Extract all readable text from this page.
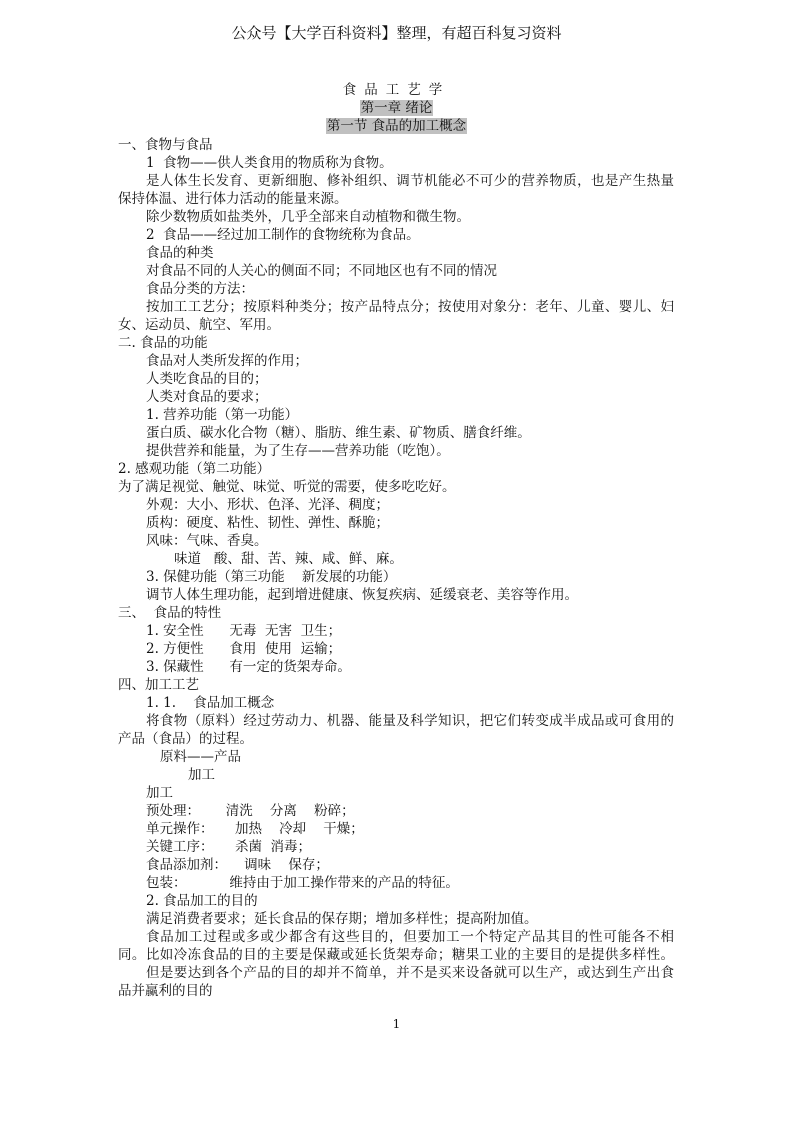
公众号【大学百科资料】整理，有超百科复习资料
食品工艺学
第一章 绪论
第一节 食品的加工概念
一、食物与食品
1  食物——供人类食用的物质称为食物。
是人体生长发育、更新细胞、修补组织、调节机能必不可少的营养物质，也是产生热量
保持体温、进行体力活动的能量来源。
除少数物质如盐类外，几乎全部来自动植物和微生物。
2  食品——经过加工制作的食物统称为食品。
食品的种类
对食品不同的人关心的侧面不同；不同地区也有不同的情况
食品分类的方法：
按加工工艺分；按原料种类分；按产品特点分；按使用对象分：老年、儿童、婴儿、妇
女、运动员、航空、军用。
二. 食品的功能
食品对人类所发挥的作用；
人类吃食品的目的；
人类对食品的要求；
1. 营养功能（第一功能）
蛋白质、碳水化合物（糖）、脂肪、维生素、矿物质、膳食纤维。
提供营养和能量，为了生存——营养功能（吃饱）。
2. 感观功能（第二功能）
为了满足视觉、触觉、味觉、听觉的需要，使多吃吃好。
外观：大小、形状、色泽、光泽、稠度；
质构：硬度、粘性、韧性、弹性、酥脆；
风味：气味、香臭。
味道   酸、甜、苦、辣、咸、鲜、麻。
3. 保健功能（第三功能    新发展的功能）
调节人体生理功能，起到增进健康、恢复疾病、延缓衰老、美容等作用。
三、  食品的特性
1. 安全性      无毒  无害  卫生；
2. 方便性      食用  使用  运输；
3. 保藏性      有一定的货架寿命。
四、加工工艺
1. 1.    食品加工概念
将食物（原料）经过劳动力、机器、能量及科学知识，把它们转变成半成品或可食用的
产品（食品）的过程。
原料——产品
加工
加工
预处理：      清洗    分离    粉碎；
单元操作：     加热    冷却    干燥；
关键工序：     杀菌  消毒；
食品添加剂：    调味    保存；
包装：          维持由于加工操作带来的产品的特征。
2. 食品加工的目的
满足消费者要求；延长食品的保存期；增加多样性；提高附加值。
食品加工过程或多或少都含有这些目的，但要加工一个特定产品其目的性可能各不相
同。比如冷冻食品的目的主要是保藏或延长货架寿命；糖果工业的主要目的是提供多样性。
但是要达到各个产品的目的却并不简单，并不是买来设备就可以生产，或达到生产出食
品并赢利的目的
1
